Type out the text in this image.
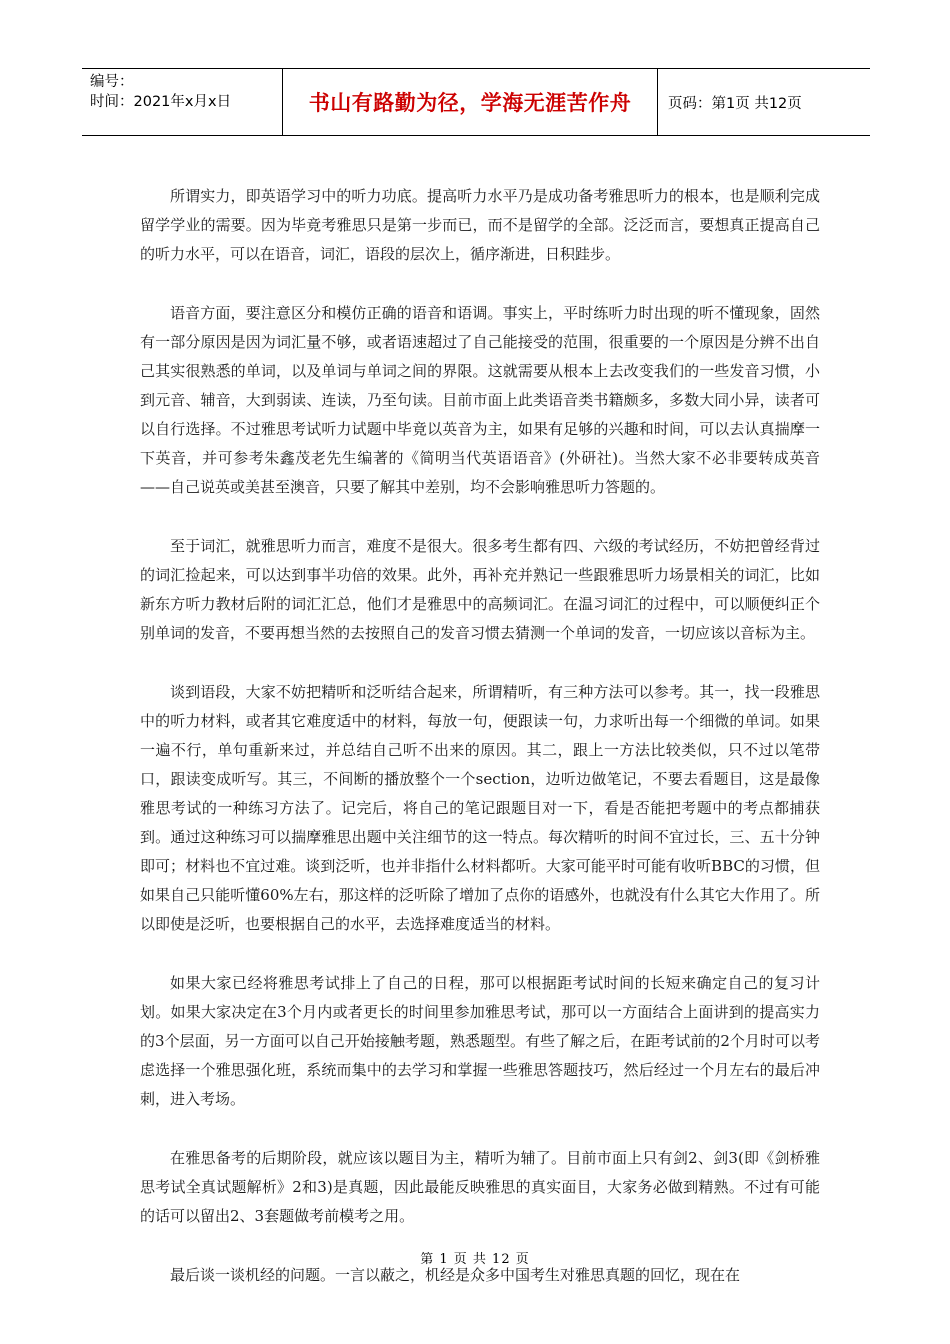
编号：
时间：2021年x月x日	书山有路勤为径，学海无涯苦作舟	页码：第1页 共12页

所谓实力，即英语学习中的听力功底。提高听力水平乃是成功备考雅思听力的根本，也是顺利完成留学学业的需要。因为毕竟考雅思只是第一步而已，而不是留学的全部。泛泛而言，要想真正提高自己的听力水平，可以在语音，词汇，语段的层次上，循序渐进，日积跬步。

语音方面，要注意区分和模仿正确的语音和语调。事实上，平时练听力时出现的听不懂现象，固然有一部分原因是因为词汇量不够，或者语速超过了自己能接受的范围，很重要的一个原因是分辨不出自己其实很熟悉的单词，以及单词与单词之间的界限。这就需要从根本上去改变我们的一些发音习惯，小到元音、辅音，大到弱读、连读，乃至句读。目前市面上此类语音类书籍颇多，多数大同小异，读者可以自行选择。不过雅思考试听力试题中毕竟以英音为主，如果有足够的兴趣和时间，可以去认真揣摩一下英音，并可参考朱鑫茂老先生编著的《简明当代英语语音》(外研社)。当然大家不必非要转成英音——自己说英或美甚至澳音，只要了解其中差别，均不会影响雅思听力答题的。

至于词汇，就雅思听力而言，难度不是很大。很多考生都有四、六级的考试经历，不妨把曾经背过的词汇捡起来，可以达到事半功倍的效果。此外，再补充并熟记一些跟雅思听力场景相关的词汇，比如新东方听力教材后附的词汇汇总，他们才是雅思中的高频词汇。在温习词汇的过程中，可以顺便纠正个别单词的发音，不要再想当然的去按照自己的发音习惯去猜测一个单词的发音，一切应该以音标为主。

谈到语段，大家不妨把精听和泛听结合起来，所谓精听，有三种方法可以参考。其一，找一段雅思中的听力材料，或者其它难度适中的材料，每放一句，便跟读一句，力求听出每一个细微的单词。如果一遍不行，单句重新来过，并总结自己听不出来的原因。其二，跟上一方法比较类似，只不过以笔带口，跟读变成听写。其三，不间断的播放整个一个section，边听边做笔记，不要去看题目，这是最像雅思考试的一种练习方法了。记完后，将自己的笔记跟题目对一下，看是否能把考题中的考点都捕获到。通过这种练习可以揣摩雅思出题中关注细节的这一特点。每次精听的时间不宜过长，三、五十分钟即可；材料也不宜过难。谈到泛听，也并非指什么材料都听。大家可能平时可能有收听BBC的习惯，但如果自己只能听懂60%左右，那这样的泛听除了增加了点你的语感外，也就没有什么其它大作用了。所以即使是泛听，也要根据自己的水平，去选择难度适当的材料。

如果大家已经将雅思考试排上了自己的日程，那可以根据距考试时间的长短来确定自己的复习计划。如果大家决定在3个月内或者更长的时间里参加雅思考试，那可以一方面结合上面讲到的提高实力的3个层面，另一方面可以自己开始接触考题，熟悉题型。有些了解之后，在距考试前的2个月时可以考虑选择一个雅思强化班，系统而集中的去学习和掌握一些雅思答题技巧，然后经过一个月左右的最后冲刺，进入考场。

在雅思备考的后期阶段，就应该以题目为主，精听为辅了。目前市面上只有剑2、剑3(即《剑桥雅思考试全真试题解析》2和3)是真题，因此最能反映雅思的真实面目，大家务必做到精熟。不过有可能的话可以留出2、3套题做考前模考之用。

最后谈一谈机经的问题。一言以蔽之，机经是众多中国考生对雅思真题的回忆，现在在

第 1 页 共 12 页
